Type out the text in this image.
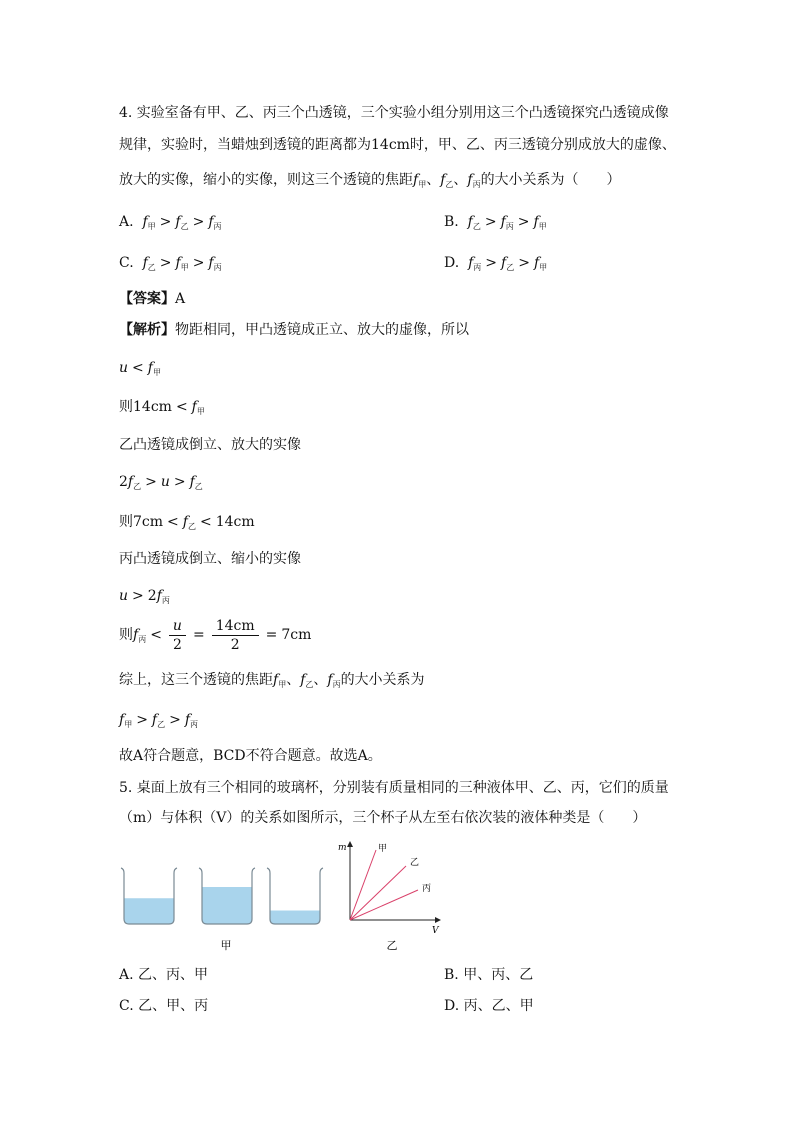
4. 实验室备有甲、乙、丙三个凸透镜，三个实验小组分别用这三个凸透镜探究凸透镜成像
规律，实验时，当蜡烛到透镜的距离都为14cm时，甲、乙、丙三透镜分别成放大的虚像、
放大的实像，缩小的实像，则这三个透镜的焦距$f_甲$、$f_乙$、$f_丙$的大小关系为（　　）
A. $f_甲 > f_乙 > f_丙$	B. $f_乙 > f_丙 > f_甲$
C. $f_乙 > f_甲 > f_丙$	D. $f_丙 > f_乙 > f_甲$
【答案】A
【解析】物距相同，甲凸透镜成正立、放大的虚像，所以
$u < f_甲$
则$14cm < f_甲$
乙凸透镜成倒立、放大的实像
$2f_乙 > u > f_乙$
则$7cm < f_乙 < 14cm$
丙凸透镜成倒立、缩小的实像
$u > 2f_丙$
则$f_丙 < \frac{u}{2} = \frac{14cm}{2} = 7cm$
综上，这三个透镜的焦距$f_甲$、$f_乙$、$f_丙$的大小关系为
$f_甲 > f_乙 > f_丙$
故A符合题意，BCD不符合题意。故选A。
5. 桌面上放有三个相同的玻璃杯，分别装有质量相同的三种液体甲、乙、丙，它们的质量
（m）与体积（V）的关系如图所示，三个杯子从左至右依次装的液体种类是（　　）
甲
m
V
甲
乙
丙
乙
A. 乙、丙、甲	B. 甲、丙、乙
C. 乙、甲、丙	D. 丙、乙、甲
